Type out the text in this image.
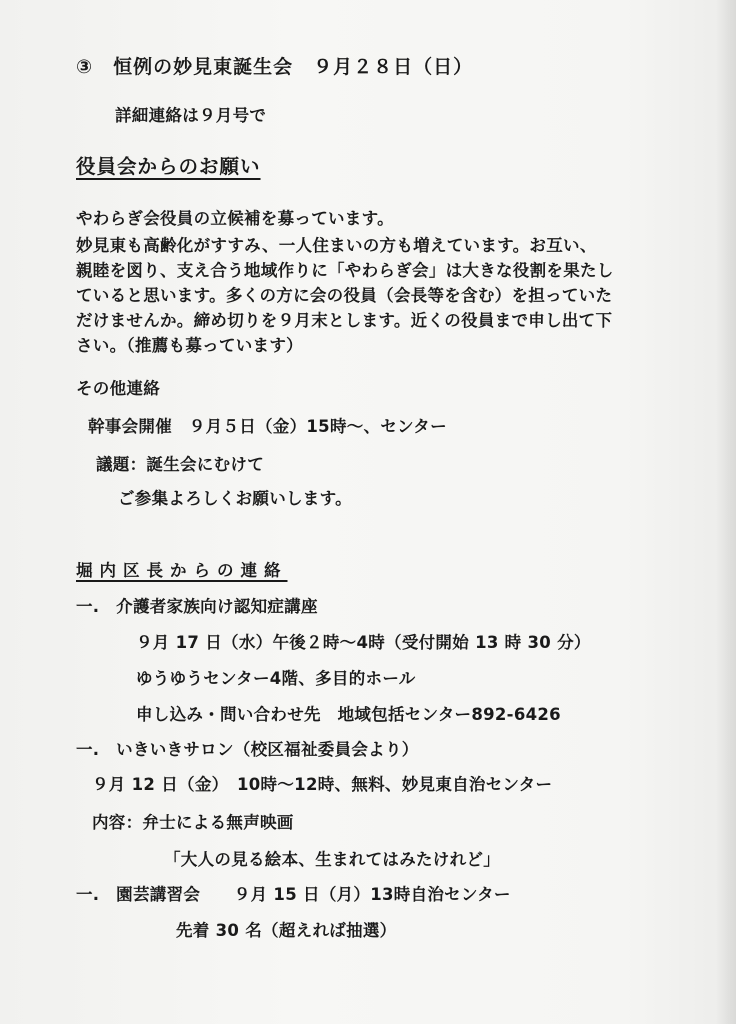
③　恒例の妙見東誕生会　９月２８日（日）
詳細連絡は９月号で
役員会からのお願い
やわらぎ会役員の立候補を募っています。
妙見東も高齢化がすすみ、一人住まいの方も増えています。お互い、
親睦を図り、支え合う地域作りに「やわらぎ会」は大きな役割を果たし
ていると思います。多くの方に会の役員（会長等を含む）を担っていた
だけませんか。締め切りを９月末とします。近くの役員まで申し出て下
さい。（推薦も募っています）
その他連絡
幹事会開催　９月５日（金）15時～、センター
議題：誕生会にむけて
ご参集よろしくお願いします。
堀内区長からの連絡
一.　介護者家族向け認知症講座
９月 17 日（水）午後２時～4時（受付開始 13 時 30 分）
ゆうゆうセンター4階、多目的ホール
申し込み・問い合わせ先　地域包括センター892-6426
一.　いきいきサロン（校区福祉委員会より）
９月 12 日（金）　10時～12時、無料、妙見東自治センター
内容：弁士による無声映画
「大人の見る絵本、生まれてはみたけれど」
一.　園芸講習会　　９月 15 日（月）13時自治センター
先着 30 名（超えれば抽選）
